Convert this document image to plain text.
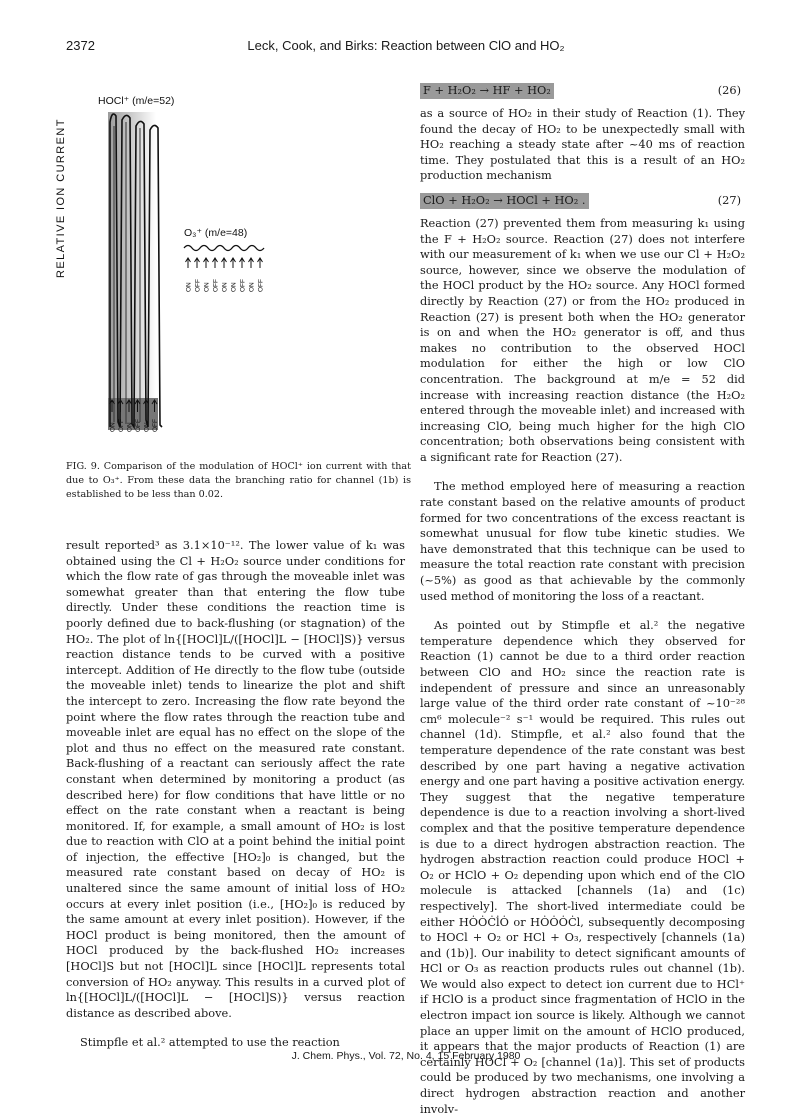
2372	Leck, Cook, and Birks: Reaction between ClO and HO₂
HOCl⁺ (m/e=52)
RELATIVE ION CURRENT	O₃⁺ (m/e=48)
ON OFF ON OFF ON ON OFF ON OFF
ON OFF ON OFF ON OFF

FIG. 9. Comparison of the modulation of HOCl⁺ ion current with that due to O₃⁺. From these data the branching ratio for channel (1b) is established to be less than 0.02.

result reported³ as 3.1×10⁻¹². The lower value of k₁ was obtained using the Cl + H₂O₂ source under conditions for which the flow rate of gas through the moveable inlet was somewhat greater than that entering the flow tube directly. Under these conditions the reaction time is poorly defined due to back-flushing (or stagnation) of the HO₂. The plot of ln{[HOCl]L/([HOCl]L − [HOCl]S)} versus reaction distance tends to be curved with a positive intercept. Addition of He directly to the flow tube (outside the moveable inlet) tends to linearize the plot and shift the intercept to zero. Increasing the flow rate beyond the point where the flow rates through the reaction tube and moveable inlet are equal has no effect on the slope of the plot and thus no effect on the measured rate constant. Back-flushing of a reactant can seriously affect the rate constant when determined by monitoring a product (as described here) for flow conditions that have little or no effect on the rate constant when a reactant is being monitored. If, for example, a small amount of HO₂ is lost due to reaction with ClO at a point behind the initial point of injection, the effective [HO₂]₀ is changed, but the measured rate constant based on decay of HO₂ is unaltered since the same amount of initial loss of HO₂ occurs at every inlet position (i.e., [HO₂]₀ is reduced by the same amount at every inlet position). However, if the HOCl product is being monitored, then the amount of HOCl produced by the back-flushed HO₂ increases [HOCl]S but not [HOCl]L since [HOCl]L represents total conversion of HO₂ anyway. This results in a curved plot of ln{[HOCl]L/([HOCl]L − [HOCl]S)} versus reaction distance as described above.

Stimpfle et al.² attempted to use the reaction

F + H₂O₂ → HF + HO₂	(26)

as a source of HO₂ in their study of Reaction (1). They found the decay of HO₂ to be unexpectedly small with HO₂ reaching a steady state after ~40 ms of reaction time. They postulated that this is a result of an HO₂ production mechanism

ClO + H₂O₂ → HOCl + HO₂ .	(27)

Reaction (27) prevented them from measuring k₁ using the F + H₂O₂ source. Reaction (27) does not interfere with our measurement of k₁ when we use our Cl + H₂O₂ source, however, since we observe the modulation of the HOCl product by the HO₂ source. Any HOCl formed directly by Reaction (27) or from the HO₂ produced in Reaction (27) is present both when the HO₂ generator is on and when the HO₂ generator is off, and thus makes no contribution to the observed HOCl modulation for either the high or low ClO concentration. The background at m/e = 52 did increase with increasing reaction distance (the H₂O₂ entered through the moveable inlet) and increased with increasing ClO, being much higher for the high ClO concentration; both observations being consistent with a significant rate for Reaction (27).

The method employed here of measuring a reaction rate constant based on the relative amounts of product formed for two concentrations of the excess reactant is somewhat unusual for flow tube kinetic studies. We have demonstrated that this technique can be used to measure the total reaction rate constant with precision (~5%) as good as that achievable by the commonly used method of monitoring the loss of a reactant.

As pointed out by Stimpfle et al.² the negative temperature dependence which they observed for Reaction (1) cannot be due to a third order reaction between ClO and HO₂ since the reaction rate is independent of pressure and since an unreasonably large value of the third order rate constant of ~10⁻²⁸ cm⁶ molecule⁻² s⁻¹ would be required. This rules out channel (1d). Stimpfle, et al.² also found that the temperature dependence of the rate constant was best described by one part having a negative activation energy and one part having a positive activation energy. They suggest that the negative temperature dependence is due to a reaction involving a short-lived complex and that the positive temperature dependence is due to a direct hydrogen abstraction reaction. The hydrogen abstraction reaction could produce HOCl + O₂ or HClO + O₂ depending upon which end of the ClO molecule is attacked [channels (1a) and (1c) respectively]. The short-lived intermediate could be either HȮȮĊl̇Ȯ or HȮȮȮĊl, subsequently decomposing to HOCl + O₂ or HCl + O₃, respectively [channels (1a) and (1b)]. Our inability to detect significant amounts of HCl or O₃ as reaction products rules out channel (1b). We would also expect to detect ion current due to HCl⁺ if HClO is a product since fragmentation of HClO in the electron impact ion source is likely. Although we cannot place an upper limit on the amount of HClO produced, it appears that the major products of Reaction (1) are certainly HOCl + O₂ [channel (1a)]. This set of products could be produced by two mechanisms, one involving a direct hydrogen abstraction reaction and another involv-

J. Chem. Phys., Vol. 72, No. 4, 15 February 1980
